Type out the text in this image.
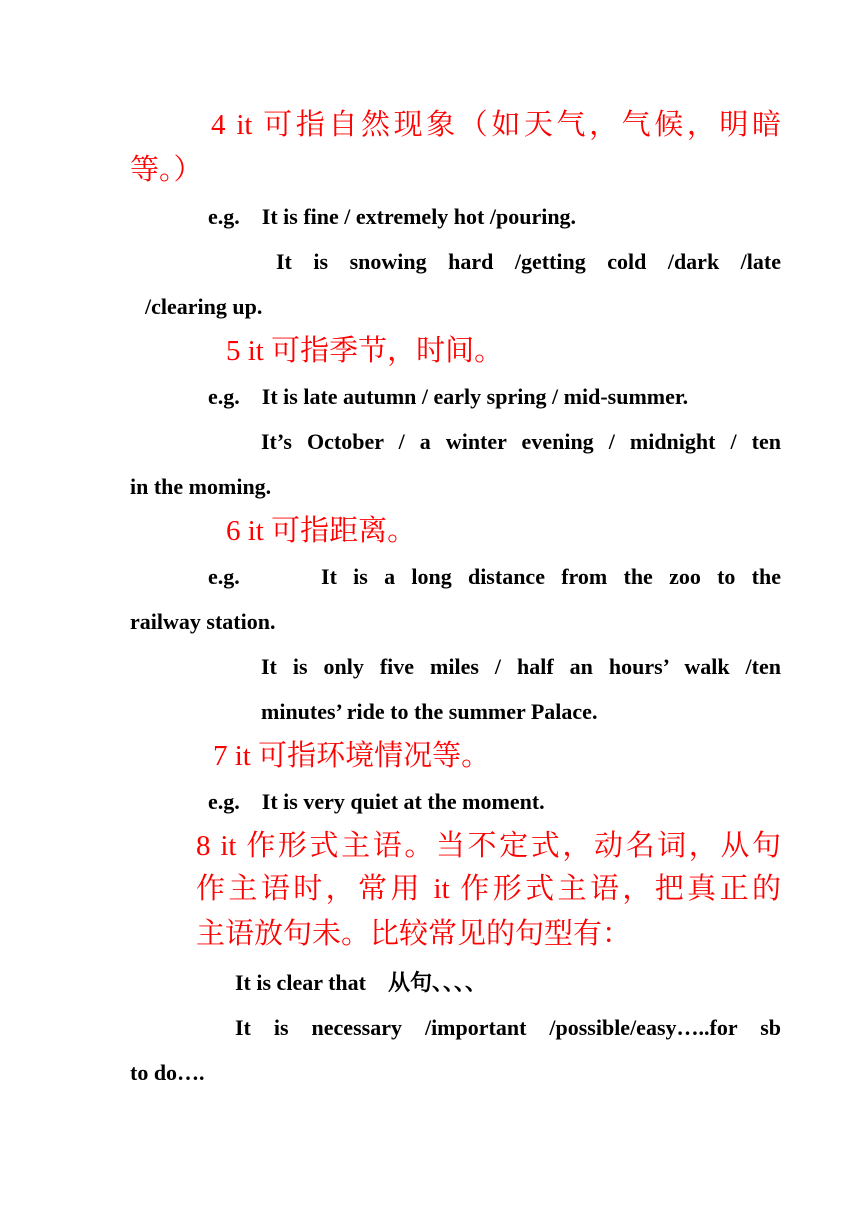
4 it 可指自然现象（如天气，气候，明暗

等。）

e.g.    It is fine / extremely hot /pouring.

It is snowing hard /getting cold /dark /late

/clearing up.

5 it 可指季节，时间。

e.g.    It is late autumn / early spring / mid-summer.

It’s October / a winter evening / midnight / ten

in the moming.

6 it 可指距离。

e.g.     It is a long distance from the zoo to the

railway station.

It is only five miles / half an hours’ walk /ten

minutes’ ride to the summer Palace.

7 it 可指环境情况等。

e.g.    It is very quiet at the moment.

8 it 作形式主语。当不定式，动名词，从句

作主语时，常用 it 作形式主语，把真正的

主语放句未。比较常见的句型有：

It is clear that    从句、、、、

It is necessary /important /possible/easy…..for sb

to do….
